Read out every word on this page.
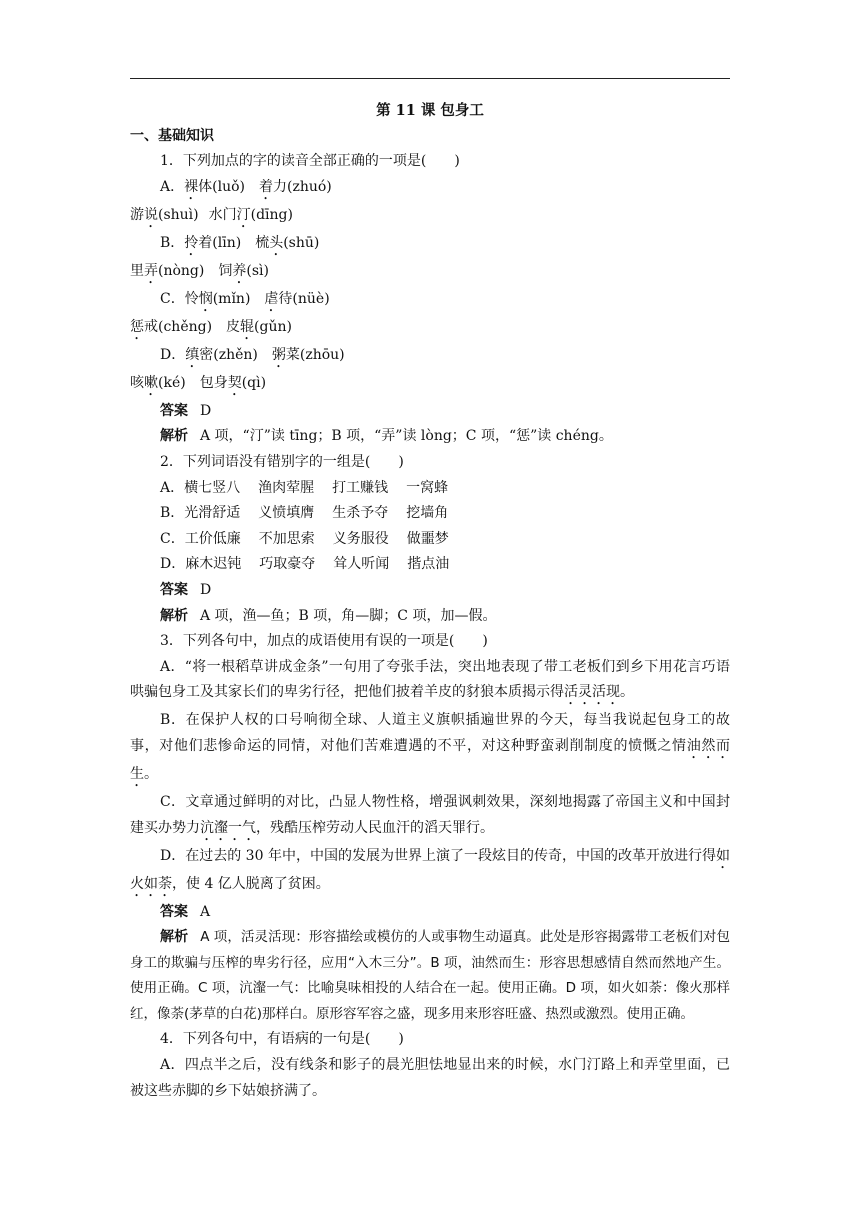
第 11 课 包身工
一、基础知识
1．下列加点的字的读音全部正确的一项是(　　)
A．裸体(luǒ) 着力(zhuó)
游说(shuì) 水门汀(dīng)
B．拎着(līn) 梳头(shū)
里弄(nòng) 饲养(sì)
C．怜悯(mǐn) 虐待(nüè)
惩戒(chěng) 皮辊(gǔn)
D．缜密(zhěn) 粥菜(zhōu)
咳嗽(ké) 包身契(qì)
答案 D
解析 A 项，“汀”读 tīng；B 项，“弄”读 lòng；C 项，“惩”读 chéng。
2．下列词语没有错别字的一组是(　　)
A．横七竖八 渔肉荤腥 打工赚钱 一窝蜂
B．光滑舒适 义愤填膺 生杀予夺 挖墙角
C．工价低廉 不加思索 义务服役 做噩梦
D．麻木迟钝 巧取豪夺 耸人听闻 揩点油
答案 D
解析 A 项，渔—鱼；B 项，角—脚；C 项，加—假。
3．下列各句中，加点的成语使用有误的一项是(　　)
A．“将一根稻草讲成金条”一句用了夸张手法，突出地表现了带工老板们到乡下用花言巧语哄骗包身工及其家长们的卑劣行径，把他们披着羊皮的豺狼本质揭示得活灵活现。
B．在保护人权的口号响彻全球、人道主义旗帜插遍世界的今天，每当我说起包身工的故事，对他们悲惨命运的同情，对他们苦难遭遇的不平，对这种野蛮剥削制度的愤慨之情油然而生。
C．文章通过鲜明的对比，凸显人物性格，增强讽刺效果，深刻地揭露了帝国主义和中国封建买办势力沆瀣一气，残酷压榨劳动人民血汗的滔天罪行。
D．在过去的 30 年中，中国的发展为世界上演了一段炫目的传奇，中国的改革开放进行得如火如荼，使 4 亿人脱离了贫困。
答案 A
解析 A 项，活灵活现：形容描绘或模仿的人或事物生动逼真。此处是形容揭露带工老板们对包身工的欺骗与压榨的卑劣行径，应用“入木三分”。B 项，油然而生：形容思想感情自然而然地产生。使用正确。C 项，沆瀣一气：比喻臭味相投的人结合在一起。使用正确。D 项，如火如荼：像火那样红，像荼(茅草的白花)那样白。原形容军容之盛，现多用来形容旺盛、热烈或激烈。使用正确。
4．下列各句中，有语病的一句是(　　)
A．四点半之后，没有线条和影子的晨光胆怯地显出来的时候，水门汀路上和弄堂里面，已被这些赤脚的乡下姑娘挤满了。
